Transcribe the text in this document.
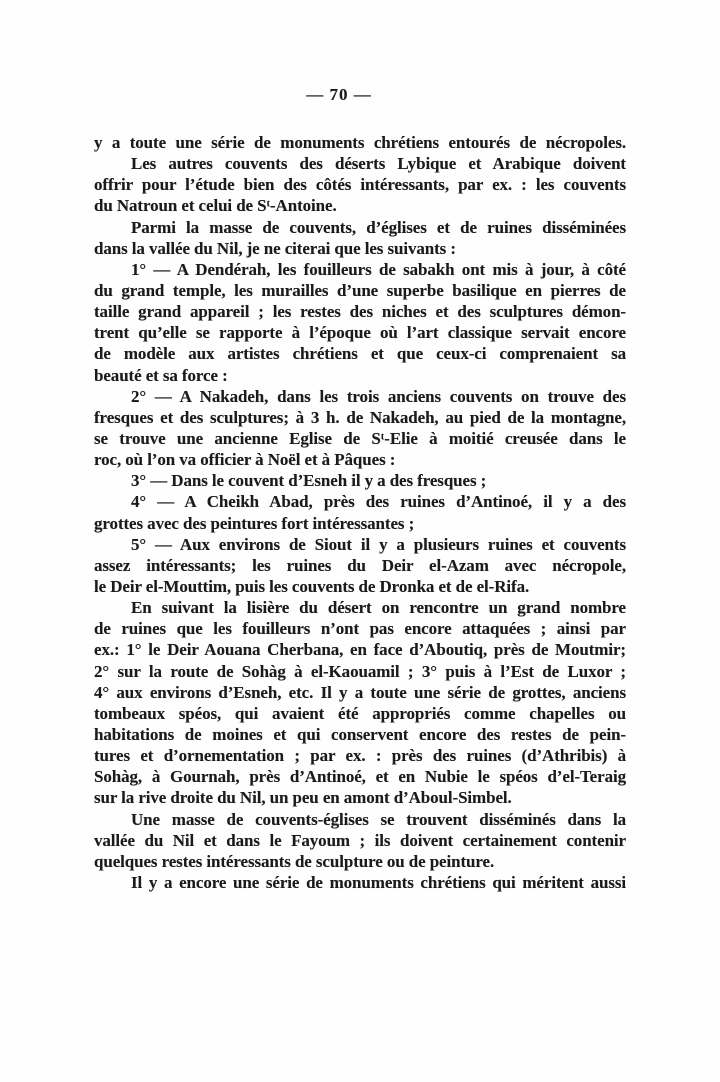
— 70 —
y a toute une série de monuments chrétiens entourés de nécropoles.
Les autres couvents des déserts Lybique et Arabique doivent
offrir pour l’étude bien des côtés intéressants, par ex. : les couvents
du Natroun et celui de Sᵗ-Antoine.
Parmi la masse de couvents, d’églises et de ruines disséminées
dans la vallée du Nil, je ne citerai que les suivants :
1° — A Dendérah, les fouilleurs de sabakh ont mis à jour, à côté
du grand temple, les murailles d’une superbe basilique en pierres de
taille grand appareil ; les restes des niches et des sculptures démon-
trent qu’elle se rapporte à l’époque où l’art classique servait encore
de modèle aux artistes chrétiens et que ceux-ci comprenaient sa
beauté et sa force :
2° — A Nakadeh, dans les trois anciens couvents on trouve des
fresques et des sculptures; à 3 h. de Nakadeh, au pied de la montagne,
se trouve une ancienne Eglise de Sᵗ-Elie à moitié creusée dans le
roc, où l’on va officier à Noël et à Pâques :
3° — Dans le couvent d’Esneh il y a des fresques ;
4° — A Cheikh Abad, près des ruines d’Antinoé, il y a des
grottes avec des peintures fort intéressantes ;
5° — Aux environs de Siout il y a plusieurs ruines et couvents
assez intéressants; les ruines du Deir el-Azam avec nécropole,
le Deir el-Mouttim, puis les couvents de Dronka et de el-Rifa.
En suivant la lisière du désert on rencontre un grand nombre
de ruines que les fouilleurs n’ont pas encore attaquées ; ainsi par
ex.: 1° le Deir Aouana Cherbana, en face d’Aboutiq, près de Moutmir;
2° sur la route de Sohàg à el-Kaouamil ; 3° puis à l’Est de Luxor ;
4° aux environs d’Esneh, etc. Il y a toute une série de grottes, anciens
tombeaux spéos, qui avaient été appropriés comme chapelles ou
habitations de moines et qui conservent encore des restes de pein-
tures et d’ornementation ; par ex. : près des ruines (d’Athribis) à
Sohàg, à Gournah, près d’Antinoé, et en Nubie le spéos d’el-Teraig
sur la rive droite du Nil, un peu en amont d’Aboul-Simbel.
Une masse de couvents-églises se trouvent disséminés dans la
vallée du Nil et dans le Fayoum ; ils doivent certainement contenir
quelques restes intéressants de sculpture ou de peinture.
Il y a encore une série de monuments chrétiens qui méritent aussi
